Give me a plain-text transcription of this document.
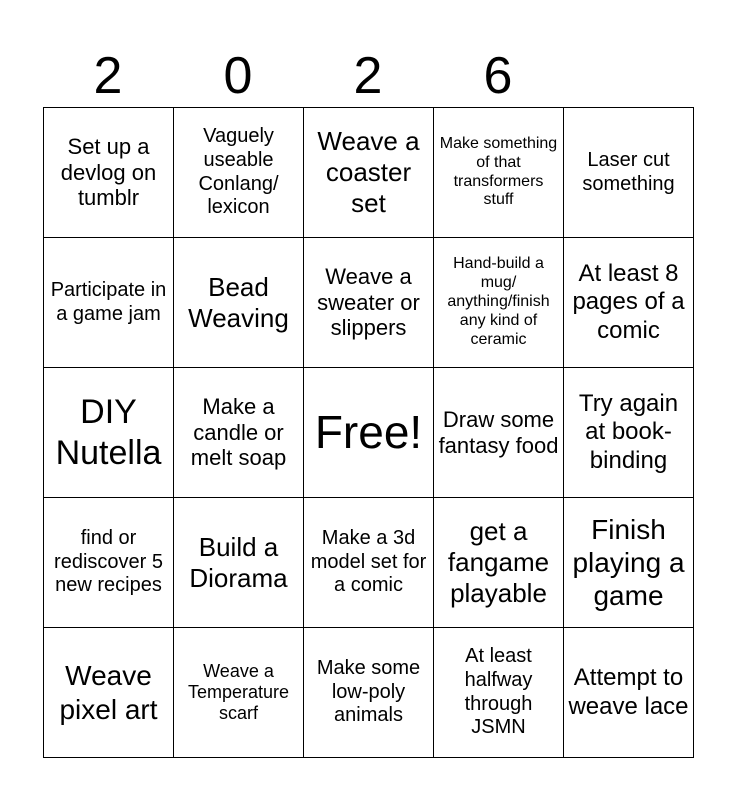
2	0	2	6
Set up a devlog on tumblr	Vaguely useable Conlang/ lexicon	Weave a coaster set	Make something of that transformers stuff	Laser cut something
Participate in a game jam	Bead Weaving	Weave a sweater or slippers	Hand-build a mug/ anything/finish any kind of ceramic	At least 8 pages of a comic
DIY Nutella	Make a candle or melt soap	Free!	Draw some fantasy food	Try again at book-binding
find or rediscover 5 new recipes	Build a Diorama	Make a 3d model set for a comic	get a fangame playable	Finish playing a game
Weave pixel art	Weave a Temperature scarf	Make some low-poly animals	At least halfway through JSMN	Attempt to weave lace
